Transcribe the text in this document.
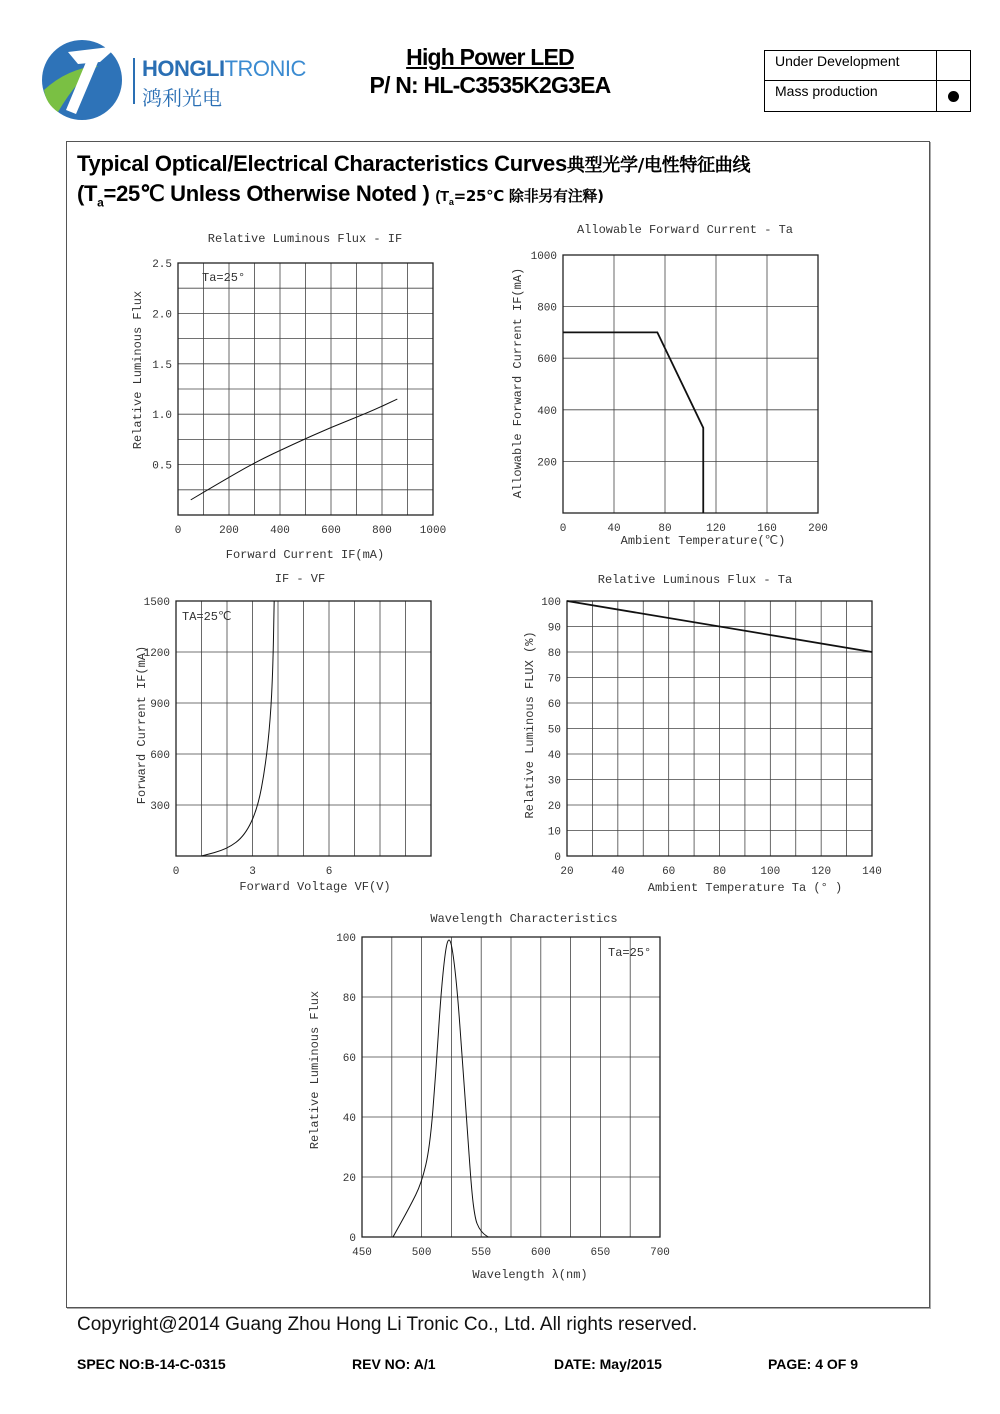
HONGLITRONIC
鸿利光电
High Power LED
P/ N: HL-C3535K2G3EA
Under Development
Mass production
Typical Optical/Electrical Characteristics Curves典型光学/电性特征曲线
($T_a=25℃$ Unless Otherwise Noted ) ($T_a=25℃$ 除非另有注释)
0	200	400	600	800	1000
0.5
1.0
1.5
2.0
2.5
Relative Luminous Flux - IF
Forward Current IF(mA)
Relative Luminous Flux
Ta=25°
0	40	80	120	160	200
200
400
600
800
1000
Allowable Forward Current - Ta
Ambient Temperature(℃)
Allowable Forward Current IF(mA)
0	3	6
300
600
900
1200
1500
IF - VF
Forward Voltage VF(V)
Forward Current IF(mA)
TA=25℃
20	40	60	80	100	120	140
0
10
20
30
40
50
60
70
80
90
100
Relative Luminous Flux - Ta
Ambient Temperature Ta (° )
Relative Luminous FLUX (%)
450	500	550	600	650	700
0
20
40
60
80
100
Wavelength Characteristics
Wavelength λ(nm)
Relative Luminous Flux
Ta=25°
Copyright@2014 Guang Zhou Hong Li Tronic Co., Ltd. All rights reserved.
SPEC NO:B-14-C-0315	REV NO: A/1	DATE: May/2015	PAGE: 4 OF 9
